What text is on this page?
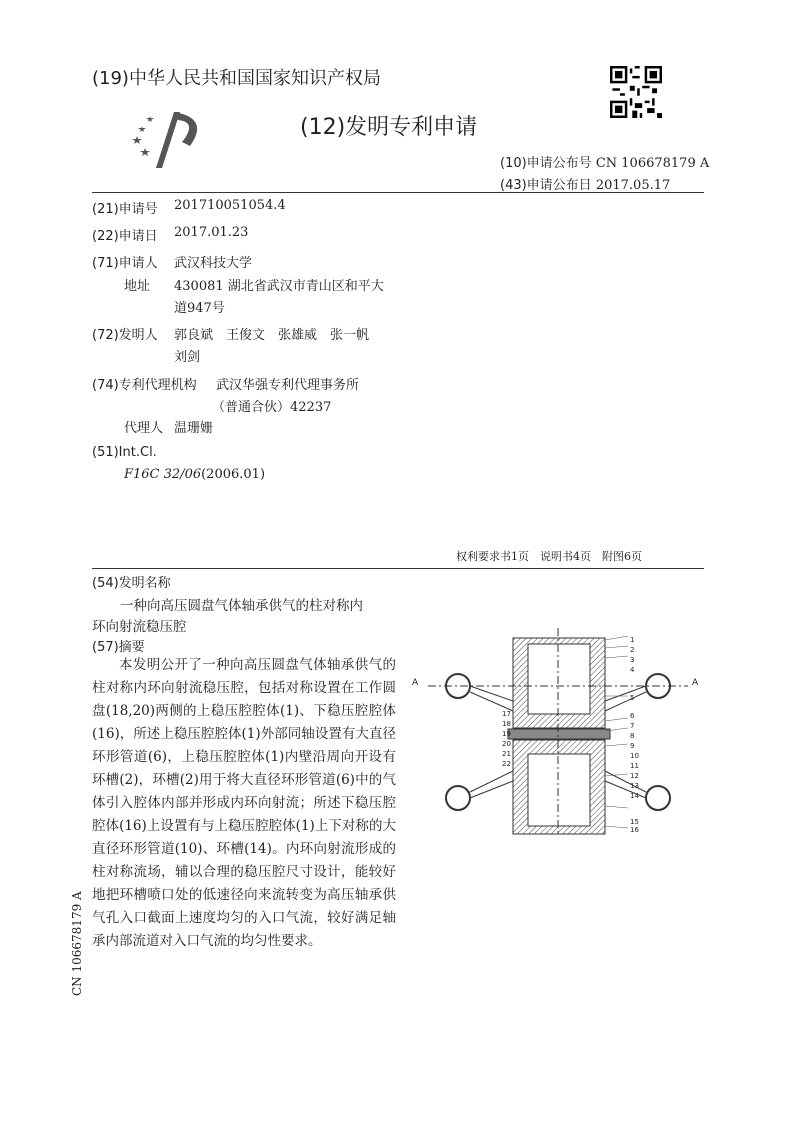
(19)中华人民共和国国家知识产权局
(12)发明专利申请
(10)申请公布号 CN 106678179 A
(43)申请公布日 2017.05.17
(21)申请号 201710051054.4
(22)申请日 2017.01.23
(71)申请人 武汉科技大学
地址 430081 湖北省武汉市青山区和平大
道947号
(72)发明人 郭良斌　王俊文　张雄威　张一帆
刘剑
(74)专利代理机构 武汉华强专利代理事务所
（普通合伙）42237
代理人 温珊姗
(51)Int.Cl.
F16C 32/06(2006.01)
权利要求书1页　说明书4页　附图6页
(54)发明名称
一种向高压圆盘气体轴承供气的柱对称内
环向射流稳压腔
(57)摘要
本发明公开了一种向高压圆盘气体轴承供气的柱对称内环向射流稳压腔，包括对称设置在工作圆盘(18,20)两侧的上稳压腔腔体(1)、下稳压腔腔体(16)，所述上稳压腔腔体(1)外部同轴设置有大直径环形管道(6)，上稳压腔腔体(1)内壁沿周向开设有环槽(2)，环槽(2)用于将大直径环形管道(6)中的气体引入腔体内部并形成内环向射流；所述下稳压腔腔体(16)上设置有与上稳压腔腔体(1)上下对称的大直径环形管道(10)、环槽(14)。内环向射流形成的柱对称流场，辅以合理的稳压腔尺寸设计，能较好地把环槽喷口处的低速径向来流转变为高压轴承供气孔入口截面上速度均匀的入口气流，较好满足轴承内部流道对入口气流的均匀性要求。
CN 106678179 A
A	A
1
2
3
4
5
6
7
8
9
10
11
12
13
14
15
16
17
18
19
20
21
22
